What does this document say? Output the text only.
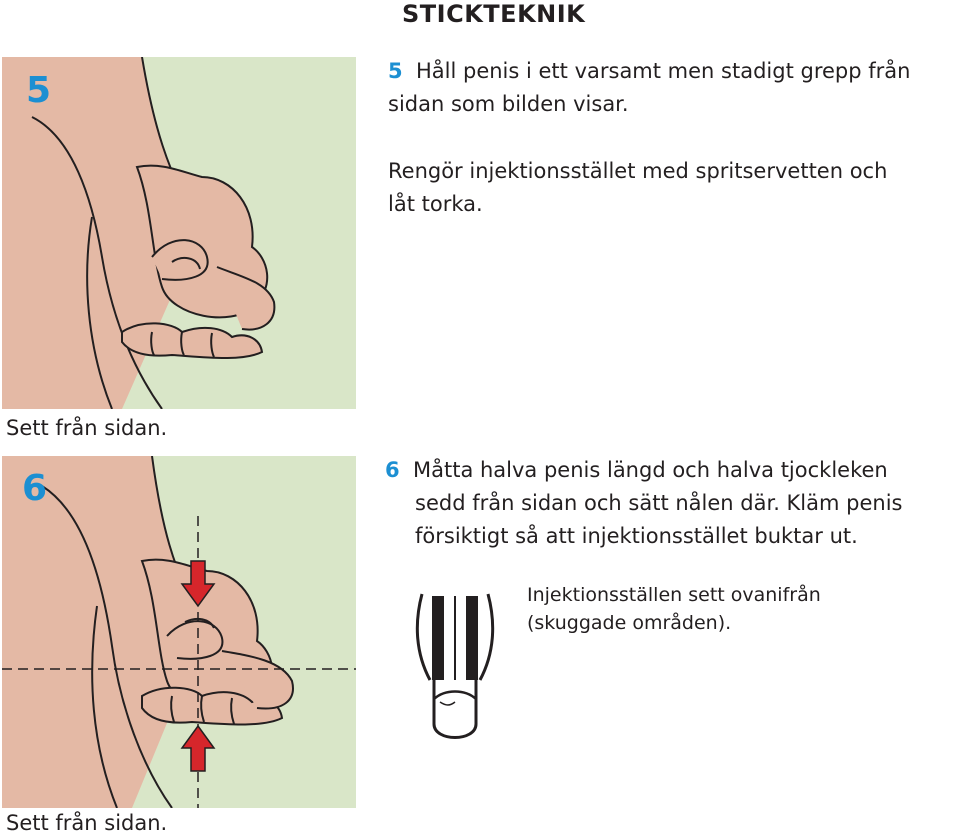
STICKTEKNIK
5	5 Håll penis i ett varsamt men stadigt grepp från
sidan som bilden visar.
Rengör injektionsstället med spritservetten och
låt torka.
Sett från sidan.
6	6 Måtta halva penis längd och halva tjockleken
sedd från sidan och sätt nålen där. Kläm penis
försiktigt så att injektionsstället buktar ut.
Injektionsställen sett ovanifrån
(skuggade områden).
Sett från sidan.
